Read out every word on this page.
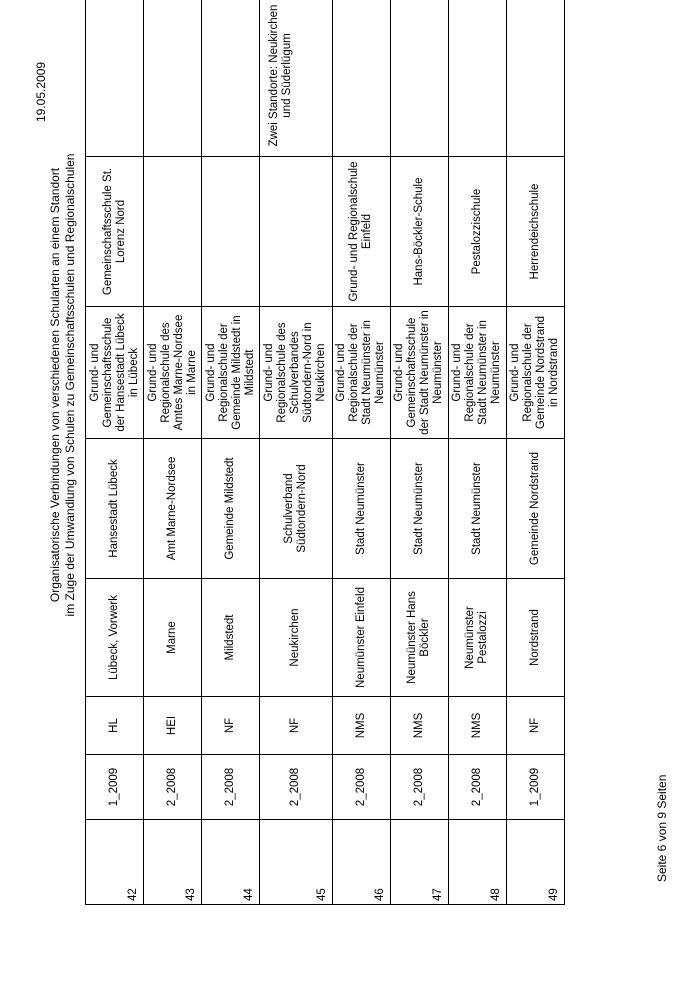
Organisatorische Verbindungen von verschiedenen Schularten an einem Standort im Zuge der Umwandlung von Schulen zu Gemeinschaftsschulen und Regionalschulen
19.05.2009
Seite 6 von 9 Seiten
42	1_2009	HL	Lübeck, Vorwerk	Hansestadt Lübeck	Grund- und Gemeinschaftsschule der Hansestadt Lübeck in Lübeck	Gemeinschaftsschule St. Lorenz Nord	
43	2_2008	HEI	Marne	Amt Marne-Nordsee	Grund- und Regionalschule des Amtes Marne-Nordsee in Marne		
44	2_2008	NF	Mildstedt	Gemeinde Mildstedt	Grund- und Regionalschule der Gemeinde Mildstedt in Mildstedt		
45	2_2008	NF	Neukirchen	Schulverband Südtondern-Nord	Grund- und Regionalschule des Schulverbandes Südtondern-Nord in Neukirchen		Zwei Standorte: Neukirchen und Süderlügum
46	2_2008	NMS	Neumünster Einfeld	Stadt Neumünster	Grund- und Regionalschule der Stadt Neumünster in Neumünster	Grund- und Regionalschule Einfeld	
47	2_2008	NMS	Neumünster Hans Böckler	Stadt Neumünster	Grund- und Gemeinschaftsschule der Stadt Neumünster in Neumünster	Hans-Böckler-Schule	
48	2_2008	NMS	Neumünster Pestalozzi	Stadt Neumünster	Grund- und Regionalschule der Stadt Neumünster in Neumünster	Pestalozzischule	
49	1_2009	NF	Nordstrand	Gemeinde Nordstrand	Grund- und Regionalschule der Gemeinde Nordstrand in Nordstrand	Herrendeichschule	
